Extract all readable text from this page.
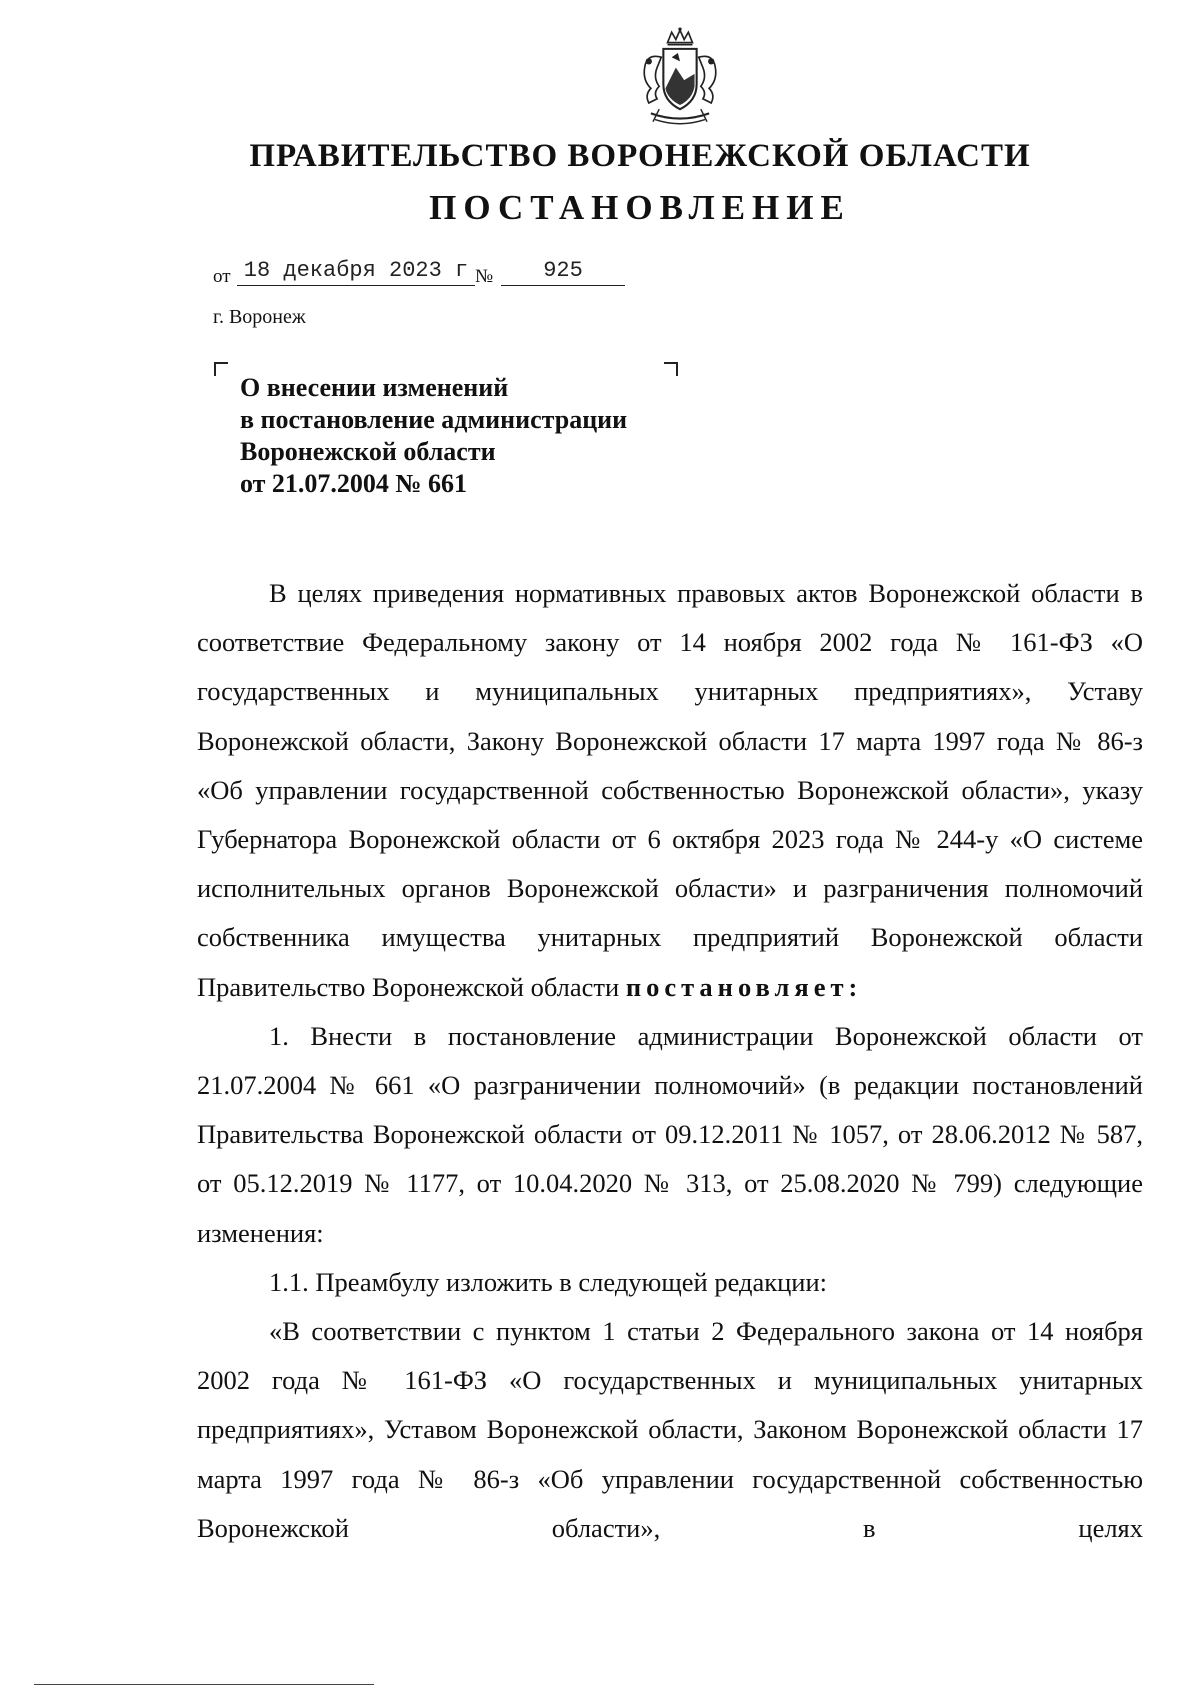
ПРАВИТЕЛЬСТВО ВОРОНЕЖСКОЙ ОБЛАСТИ
ПОСТАНОВЛЕНИЕ
от 18 декабря 2023 г №	925
г. Воронеж
О внесении изменений
в постановление администрации
Воронежской области
от 21.07.2004 № 661

В целях приведения нормативных правовых актов Воронежской области в соответствие Федеральному закону от 14 ноября 2002 года № 161-ФЗ «О государственных и муниципальных унитарных предприятиях», Уставу Воронежской области, Закону Воронежской области 17 марта 1997 года № 86-з «Об управлении государственной собственностью Воронежской области», указу Губернатора Воронежской области от 6 октября 2023 года № 244-у «О системе исполнительных органов Воронежской области» и разграничения полномочий собственника имущества унитарных предприятий Воронежской области Правительство Воронежской области постановляет:

1. Внести в постановление администрации Воронежской области от 21.07.2004 № 661 «О разграничении полномочий» (в редакции постановлений Правительства Воронежской области от 09.12.2011 № 1057, от 28.06.2012 № 587, от 05.12.2019 № 1177, от 10.04.2020 № 313, от 25.08.2020 № 799) следующие изменения:

1.1. Преамбулу изложить в следующей редакции:

«В соответствии с пунктом 1 статьи 2 Федерального закона от 14 ноября 2002 года № 161-ФЗ «О государственных и муниципальных унитарных предприятиях», Уставом Воронежской области, Законом Воронежской области 17 марта 1997 года № 86-з «Об управлении государственной собственностью Воронежской области», в целях
